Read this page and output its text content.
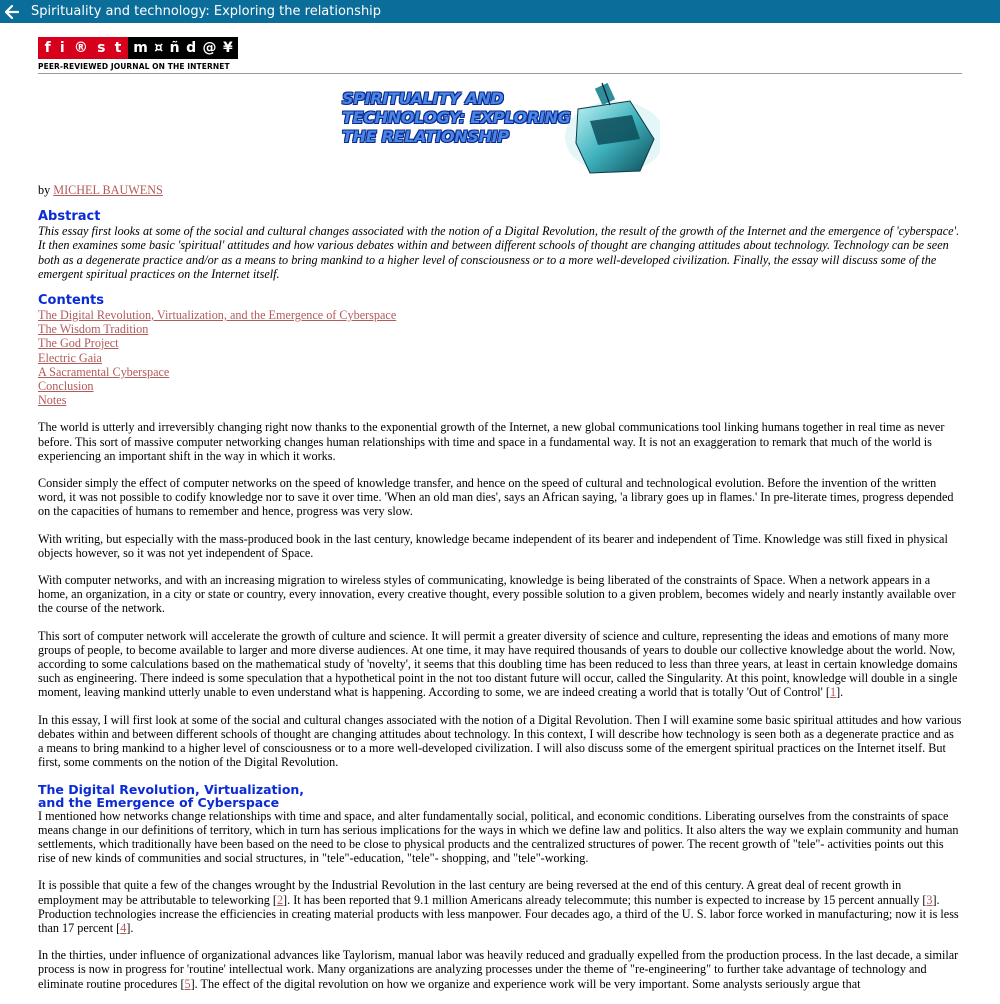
Spirituality and technology: Exploring the relationship
f i ® s t m ¤ ñ d @ ¥
PEER-REVIEWED JOURNAL ON THE INTERNET
SPIRITUALITY AND
TECHNOLOGY: EXPLORING
THE RELATIONSHIP

by MICHEL BAUWENS

Abstract

This essay first looks at some of the social and cultural changes associated with the notion of a Digital Revolution, the result of the growth of the Internet and the emergence of 'cyberspace'. It then examines some basic 'spiritual' attitudes and how various debates within and between different schools of thought are changing attitudes about technology. Technology can be seen both as a degenerate practice and/or as a means to bring mankind to a higher level of consciousness or to a more well-developed civilization. Finally, the essay will discuss some of the emergent spiritual practices on the Internet itself.

Contents
The Digital Revolution, Virtualization, and the Emergence of Cyberspace
The Wisdom Tradition
The God Project
Electric Gaia
A Sacramental Cyberspace
Conclusion
Notes

The world is utterly and irreversibly changing right now thanks to the exponential growth of the Internet, a new global communications tool linking humans together in real time as never before. This sort of massive computer networking changes human relationships with time and space in a fundamental way. It is not an exaggeration to remark that much of the world is experiencing an important shift in the way in which it works.

Consider simply the effect of computer networks on the speed of knowledge transfer, and hence on the speed of cultural and technological evolution. Before the invention of the written word, it was not possible to codify knowledge nor to save it over time. 'When an old man dies', says an African saying, 'a library goes up in flames.' In pre-literate times, progress depended on the capacities of humans to remember and hence, progress was very slow.

With writing, but especially with the mass-produced book in the last century, knowledge became independent of its bearer and independent of Time. Knowledge was still fixed in physical objects however, so it was not yet independent of Space.

With computer networks, and with an increasing migration to wireless styles of communicating, knowledge is being liberated of the constraints of Space. When a network appears in a home, an organization, in a city or state or country, every innovation, every creative thought, every possible solution to a given problem, becomes widely and nearly instantly available over the course of the network.

This sort of computer network will accelerate the growth of culture and science. It will permit a greater diversity of science and culture, representing the ideas and emotions of many more groups of people, to become available to larger and more diverse audiences. At one time, it may have required thousands of years to double our collective knowledge about the world. Now, according to some calculations based on the mathematical study of 'novelty', it seems that this doubling time has been reduced to less than three years, at least in certain knowledge domains such as engineering. There indeed is some speculation that a hypothetical point in the not too distant future will occur, called the Singularity. At this point, knowledge will double in a single moment, leaving mankind utterly unable to even understand what is happening. According to some, we are indeed creating a world that is totally 'Out of Control' [1].

In this essay, I will first look at some of the social and cultural changes associated with the notion of a Digital Revolution. Then I will examine some basic spiritual attitudes and how various debates within and between different schools of thought are changing attitudes about technology. In this context, I will describe how technology is seen both as a degenerate practice and as a means to bring mankind to a higher level of consciousness or to a more well-developed civilization. I will also discuss some of the emergent spiritual practices on the Internet itself. But first, some comments on the notion of the Digital Revolution.

The Digital Revolution, Virtualization,
and the Emergence of Cyberspace

I mentioned how networks change relationships with time and space, and alter fundamentally social, political, and economic conditions. Liberating ourselves from the constraints of space means change in our definitions of territory, which in turn has serious implications for the ways in which we define law and politics. It also alters the way we explain community and human settlements, which traditionally have been based on the need to be close to physical products and the centralized structures of power. The recent growth of "tele"- activities points out this rise of new kinds of communities and social structures, in "tele"-education, "tele"- shopping, and "tele"-working.

It is possible that quite a few of the changes wrought by the Industrial Revolution in the last century are being reversed at the end of this century. A great deal of recent growth in employment may be attributable to teleworking [2]. It has been reported that 9.1 million Americans already telecommute; this number is expected to increase by 15 percent annually [3]. Production technologies increase the efficiencies in creating material products with less manpower. Four decades ago, a third of the U. S. labor force worked in manufacturing; now it is less than 17 percent [4].

In the thirties, under influence of organizational advances like Taylorism, manual labor was heavily reduced and gradually expelled from the production process. In the last decade, a similar process is now in progress for 'routine' intellectual work. Many organizations are analyzing processes under the theme of "re-engineering" to further take advantage of technology and eliminate routine procedures [5]. The effect of the digital revolution on how we organize and experience work will be very important. Some analysts seriously argue that
